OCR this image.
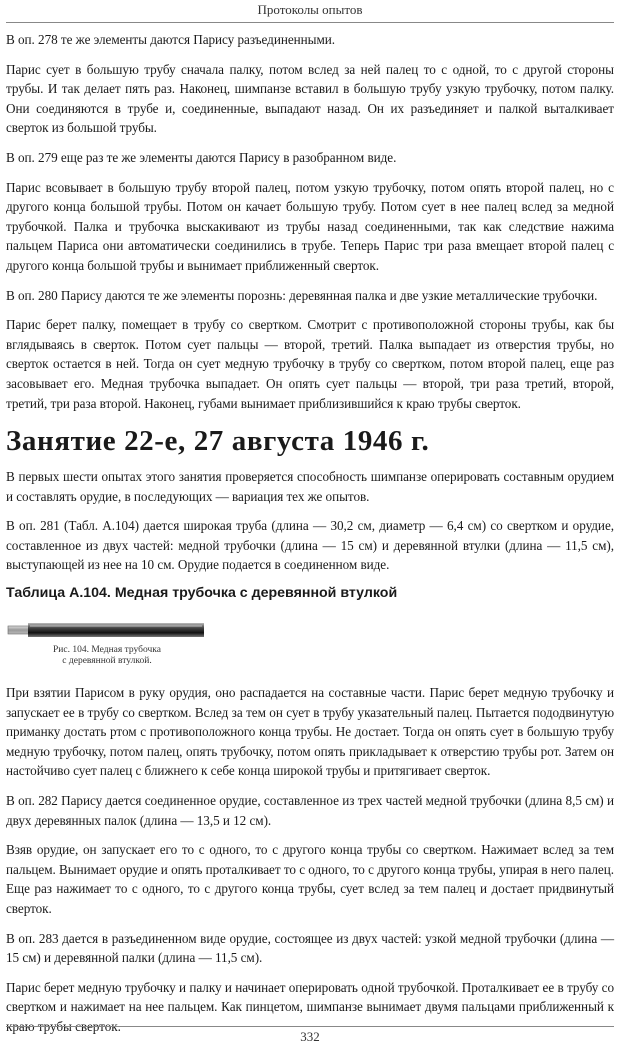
Протоколы опытов

В оп. 278 те же элементы даются Парису разъединенными.

Парис сует в большую трубу сначала палку, потом вслед за ней палец то с одной, то с другой стороны трубы. И так делает пять раз. Наконец, шимпанзе вставил в большую трубу узкую трубочку, потом палку. Они соединяются в трубе и, соединенные, выпадают назад. Он их разъединяет и палкой выталкивает сверток из большой трубы.

В оп. 279 еще раз те же элементы даются Парису в разобранном виде.

Парис всовывает в большую трубу второй палец, потом узкую трубочку, потом опять второй палец, но с другого конца большой трубы. Потом он качает большую трубу. Потом сует в нее палец вслед за медной трубочкой. Палка и трубочка выскакивают из трубы назад соединенными, так как следствие нажима пальцем Париса они автоматически соединились в трубе. Теперь Парис три раза вмещает второй палец с другого конца большой трубы и вынимает приближенный сверток.

В оп. 280 Парису даются те же элементы порознь: деревянная палка и две узкие металлические трубочки.

Парис берет палку, помещает в трубу со свертком. Смотрит с противоположной стороны трубы, как бы вглядываясь в сверток. Потом сует пальцы — второй, третий. Палка выпадает из отверстия трубы, но сверток остается в ней. Тогда он сует медную трубочку в трубу со свертком, потом второй палец, еще раз засовывает его. Медная трубочка выпадает. Он опять сует пальцы — второй, три раза третий, второй, третий, три раза второй. Наконец, губами вынимает приблизившийся к краю трубы сверток.

Занятие 22-е, 27 августа 1946 г.

В первых шести опытах этого занятия проверяется способность шимпанзе оперировать составным орудием и составлять орудие, в последующих — вариация тех же опытов.

В оп. 281 (Табл. А.104) дается широкая труба (длина — 30,2 см, диаметр — 6,4 см) со свертком и орудие, составленное из двух частей: медной трубочки (длина — 15 см) и деревянной втулки (длина — 11,5 см), выступающей из нее на 10 см. Орудие подается в соединенном виде.

Таблица А.104. Медная трубочка с деревянной втулкой
Рис. 104. Медная трубочка
с деревянной втулкой.

При взятии Парисом в руку орудия, оно распадается на составные части. Парис берет медную трубочку и запускает ее в трубу со свертком. Вслед за тем он сует в трубу указательный палец. Пытается пододвинутую приманку достать ртом с противоположного конца трубы. Не достает. Тогда он опять сует в большую трубу медную трубочку, потом палец, опять трубочку, потом опять прикладывает к отверстию трубы рот. Затем он настойчиво сует палец с ближнего к себе конца широкой трубы и притягивает сверток.

В оп. 282 Парису дается соединенное орудие, составленное из трех частей медной трубочки (длина 8,5 см) и двух деревянных палок (длина — 13,5 и 12 см).

Взяв орудие, он запускает его то с одного, то с другого конца трубы со свертком. Нажимает вслед за тем пальцем. Вынимает орудие и опять проталкивает то с одного, то с другого конца трубы, упирая в него палец. Еще раз нажимает то с одного, то с другого конца трубы, сует вслед за тем палец и достает придвинутый сверток.

В оп. 283 дается в разъединенном виде орудие, состоящее из двух частей: узкой медной трубочки (длина — 15 см) и деревянной палки (длина — 11,5 см).

Парис берет медную трубочку и палку и начинает оперировать одной трубочкой. Проталкивает ее в трубу со свертком и нажимает на нее пальцем. Как пинцетом, шимпанзе вынимает двумя пальцами приближенный к краю трубы сверток.

332
